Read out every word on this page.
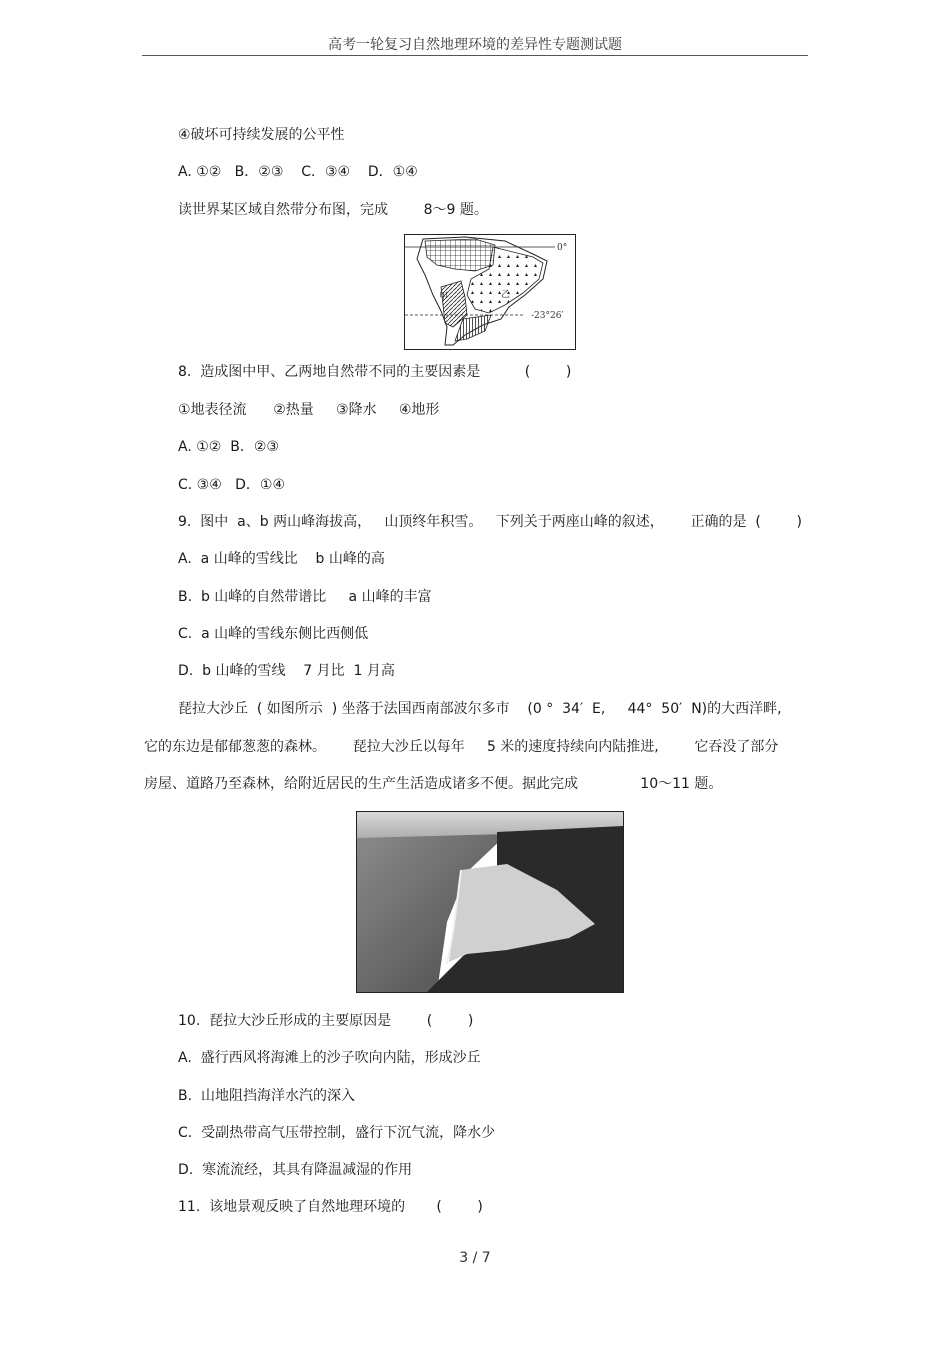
高考一轮复习自然地理环境的差异性专题测试题
④破坏可持续发展的公平性
A. ①②   B．②③    C．③④    D．①④
读世界某区域自然带分布图，完成        8～9 题。
0°
-23°26′
甲	乙
8.  造成图中甲、乙两地自然带不同的主要因素是          (        )
①地表径流      ②热量     ③降水     ④地形
A. ①②  B．②③
C. ③④   D．①④
9.  图中  a、b 两山峰海拔高，   山顶终年积雪。   下列关于两座山峰的叙述，      正确的是  (        )
A.  a 山峰的雪线比    b 山峰的高
B.  b 山峰的自然带谱比     a 山峰的丰富
C.  a 山峰的雪线东侧比西侧低
D.  b 山峰的雪线    7 月比  1 月高
琵拉大沙丘  ( 如图所示  ) 坐落于法国西南部波尔多市    (0 °  34′  E,     44°  50′  N)的大西洋畔,
它的东边是郁郁葱葱的森林。      琵拉大沙丘以每年     5 米的速度持续向内陆推进,        它吞没了部分
房屋、道路乃至森林，给附近居民的生产生活造成诸多不便。据此完成              10～11 题。
10.  琵拉大沙丘形成的主要原因是        (        )
A.  盛行西风将海滩上的沙子吹向内陆，形成沙丘
B.  山地阻挡海洋水汽的深入
C.  受副热带高气压带控制，盛行下沉气流，降水少
D.  寒流流经，其具有降温减湿的作用
11.  该地景观反映了自然地理环境的       (        )
3 / 7
